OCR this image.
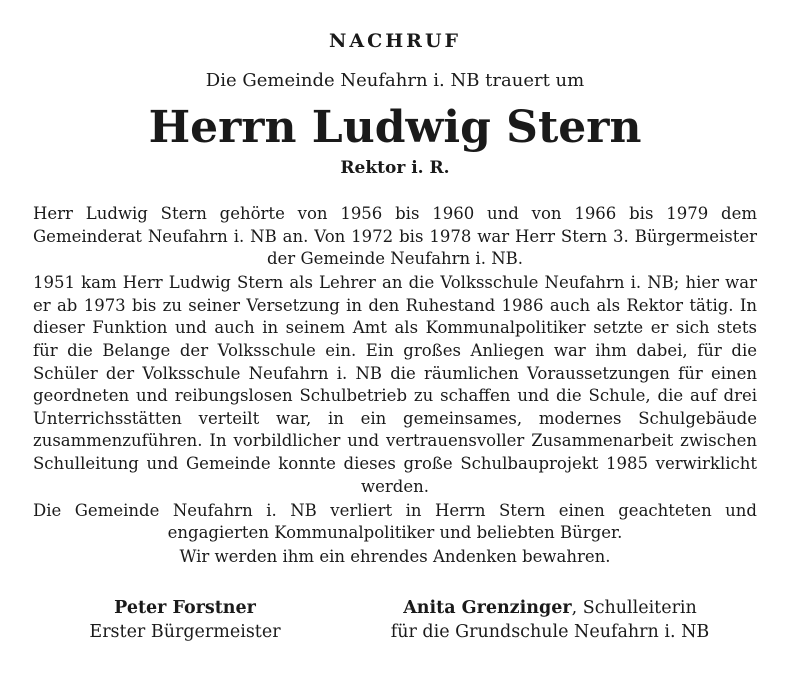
NACHRUF
Die Gemeinde Neufahrn i. NB trauert um
Herrn Ludwig Stern
Rektor i. R.

Herr Ludwig Stern gehörte von 1956 bis 1960 und von 1966 bis 1979 dem Gemeinderat Neufahrn i. NB an. Von 1972 bis 1978 war Herr Stern 3. Bürgermeister der Gemeinde Neufahrn i. NB.

1951 kam Herr Ludwig Stern als Lehrer an die Volksschule Neufahrn i. NB; hier war er ab 1973 bis zu seiner Versetzung in den Ruhestand 1986 auch als Rektor tätig. In dieser Funktion und auch in seinem Amt als Kommunalpolitiker setzte er sich stets für die Belange der Volksschule ein. Ein großes Anliegen war ihm dabei, für die Schüler der Volksschule Neufahrn i. NB die räumlichen Voraussetzungen für einen geordneten und reibungslosen Schulbetrieb zu schaffen und die Schule, die auf drei Unterrichsstätten verteilt war, in ein gemeinsames, modernes Schulgebäude zusammenzuführen. In vorbildlicher und vertrauensvoller Zusammenarbeit zwischen Schulleitung und Gemeinde konnte dieses große Schulbauprojekt 1985 verwirklicht werden.

Die Gemeinde Neufahrn i. NB verliert in Herrn Stern einen geachteten und engagierten Kommunalpolitiker und beliebten Bürger.

Wir werden ihm ein ehrendes Andenken bewahren.

Peter Forstner
Erster Bürgermeister
Anita Grenzinger, Schulleiterin
für die Grundschule Neufahrn i. NB
